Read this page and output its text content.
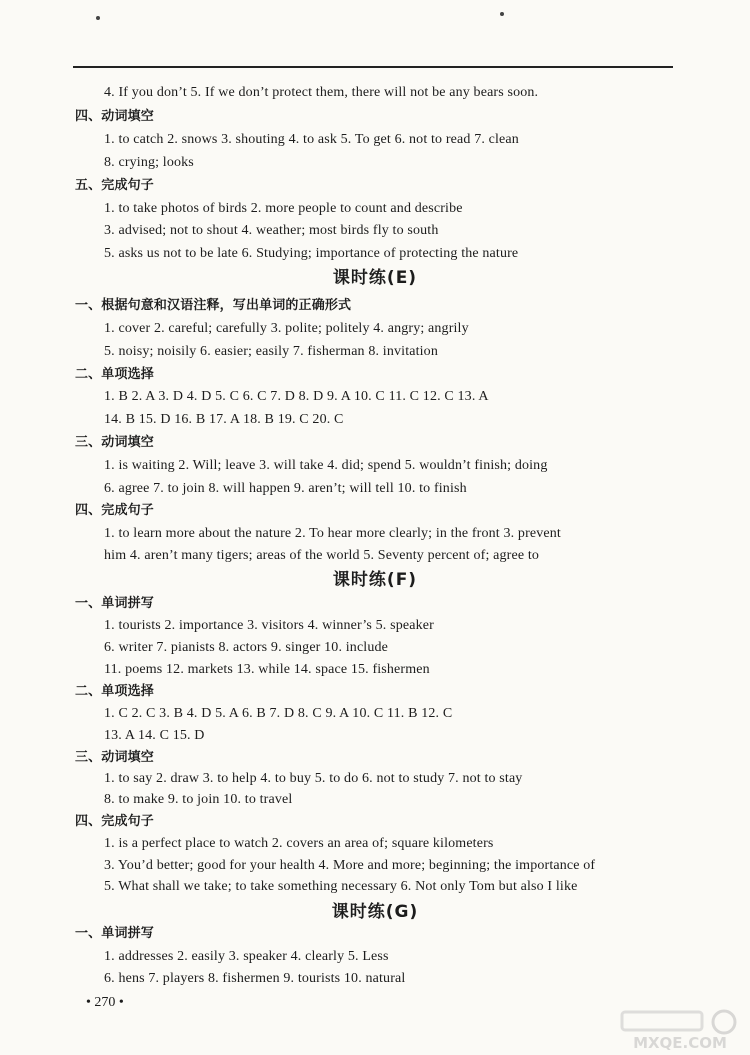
4. If you don’t 5. If we don’t protect them, there will not be any bears soon.
四、动词填空
1. to catch 2. snows 3. shouting 4. to ask 5. To get 6. not to read 7. clean
8. crying; looks
五、完成句子
1. to take photos of birds 2. more people to count and describe
3. advised; not to shout 4. weather; most birds fly to south
5. asks us not to be late 6. Studying; importance of protecting the nature
课时练(E)
一、根据句意和汉语注释，写出单词的正确形式
1. cover 2. careful; carefully 3. polite; politely 4. angry; angrily
5. noisy; noisily 6. easier; easily 7. fisherman 8. invitation
二、单项选择
1. B 2. A 3. D 4. D 5. C 6. C 7. D 8. D 9. A 10. C 11. C 12. C 13. A
14. B 15. D 16. B 17. A 18. B 19. C 20. C
三、动词填空
1. is waiting 2. Will; leave 3. will take 4. did; spend 5. wouldn’t finish; doing
6. agree 7. to join 8. will happen 9. aren’t; will tell 10. to finish
四、完成句子
1. to learn more about the nature 2. To hear more clearly; in the front 3. prevent
him 4. aren’t many tigers; areas of the world 5. Seventy percent of; agree to
课时练(F)
一、单词拼写
1. tourists 2. importance 3. visitors 4. winner’s 5. speaker
6. writer 7. pianists 8. actors 9. singer 10. include
11. poems 12. markets 13. while 14. space 15. fishermen
二、单项选择
1. C 2. C 3. B 4. D 5. A 6. B 7. D 8. C 9. A 10. C 11. B 12. C
13. A 14. C 15. D
三、动词填空
1. to say 2. draw 3. to help 4. to buy 5. to do 6. not to study 7. not to stay
8. to make 9. to join 10. to travel
四、完成句子
1. is a perfect place to watch 2. covers an area of; square kilometers
3. You’d better; good for your health 4. More and more; beginning; the importance of
5. What shall we take; to take something necessary 6. Not only Tom but also I like
课时练(G)
一、单词拼写
1. addresses 2. easily 3. speaker 4. clearly 5. Less
6. hens 7. players 8. fishermen 9. tourists 10. natural
• 270 •
MXQE.COM
